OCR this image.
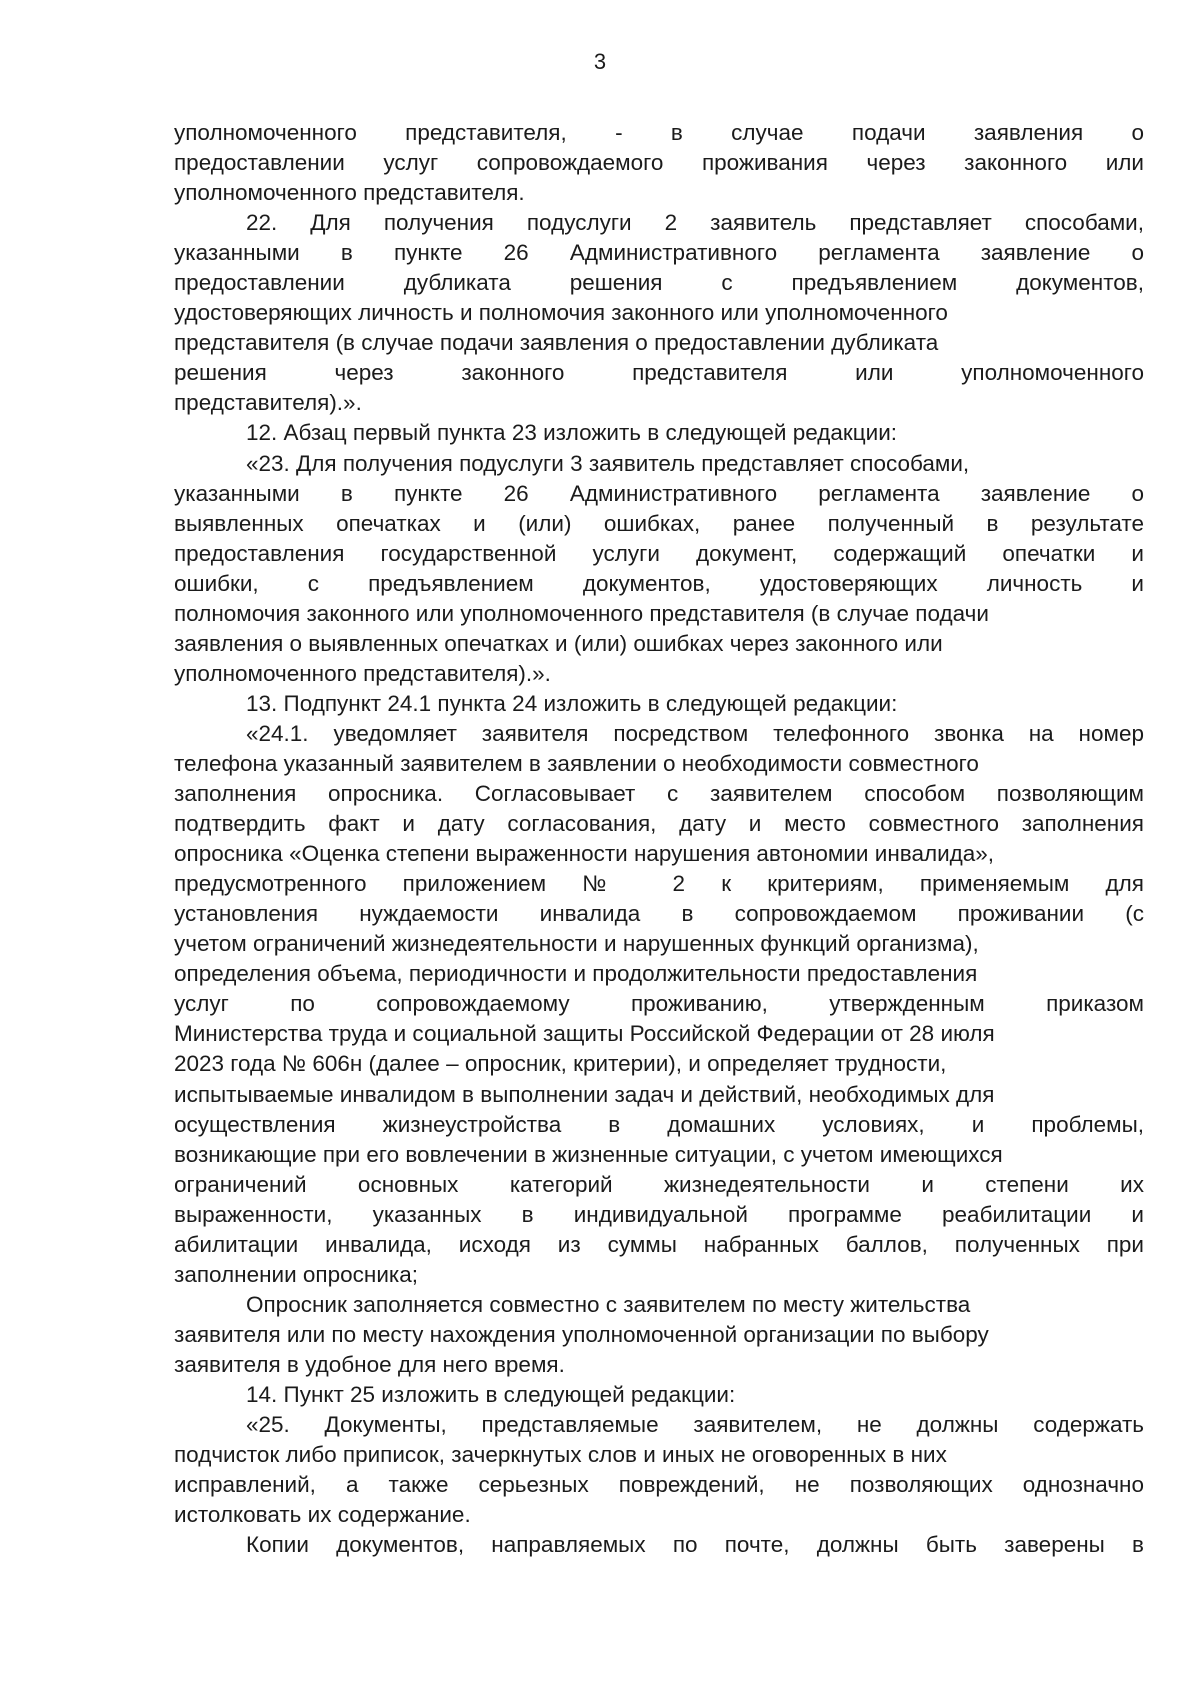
3
уполномоченного представителя, - в случае подачи заявления о
предоставлении услуг сопровождаемого проживания через законного или
уполномоченного представителя.
22. Для получения подуслуги 2 заявитель представляет способами,
указанными в пункте 26 Административного регламента заявление о
предоставлении дубликата решения с предъявлением документов,
удостоверяющих личность и полномочия законного или уполномоченного
представителя (в случае подачи заявления о предоставлении дубликата
решения через законного представителя или уполномоченного
представителя).».
12. Абзац первый пункта 23 изложить в следующей редакции:
«23. Для получения подуслуги 3 заявитель представляет способами,
указанными в пункте 26 Административного регламента заявление о
выявленных опечатках и (или) ошибках, ранее полученный в результате
предоставления государственной услуги документ, содержащий опечатки и
ошибки, с предъявлением документов, удостоверяющих личность и
полномочия законного или уполномоченного представителя (в случае подачи
заявления о выявленных опечатках и (или) ошибках через законного или
уполномоченного представителя).».
13. Подпункт 24.1 пункта 24 изложить в следующей редакции:
«24.1. уведомляет заявителя посредством телефонного звонка на номер
телефона указанный заявителем в заявлении о необходимости совместного
заполнения опросника. Согласовывает с заявителем способом позволяющим
подтвердить факт и дату согласования, дату и место совместного заполнения
опросника «Оценка степени выраженности нарушения автономии инвалида»,
предусмотренного приложением № 2 к критериям, применяемым для
установления нуждаемости инвалида в сопровождаемом проживании (с
учетом ограничений жизнедеятельности и нарушенных функций организма),
определения объема, периодичности и продолжительности предоставления
услуг по сопровождаемому проживанию, утвержденным приказом
Министерства труда и социальной защиты Российской Федерации от 28 июля
2023 года № 606н (далее – опросник, критерии), и определяет трудности,
испытываемые инвалидом в выполнении задач и действий, необходимых для
осуществления жизнеустройства в домашних условиях, и проблемы,
возникающие при его вовлечении в жизненные ситуации, с учетом имеющихся
ограничений основных категорий жизнедеятельности и степени их
выраженности, указанных в индивидуальной программе реабилитации и
абилитации инвалида, исходя из суммы набранных баллов, полученных при
заполнении опросника;
Опросник заполняется совместно с заявителем по месту жительства
заявителя или по месту нахождения уполномоченной организации по выбору
заявителя в удобное для него время.
14. Пункт 25 изложить в следующей редакции:
«25. Документы, представляемые заявителем, не должны содержать
подчисток либо приписок, зачеркнутых слов и иных не оговоренных в них
исправлений, а также серьезных повреждений, не позволяющих однозначно
истолковать их содержание.
Копии документов, направляемых по почте, должны быть заверены в
